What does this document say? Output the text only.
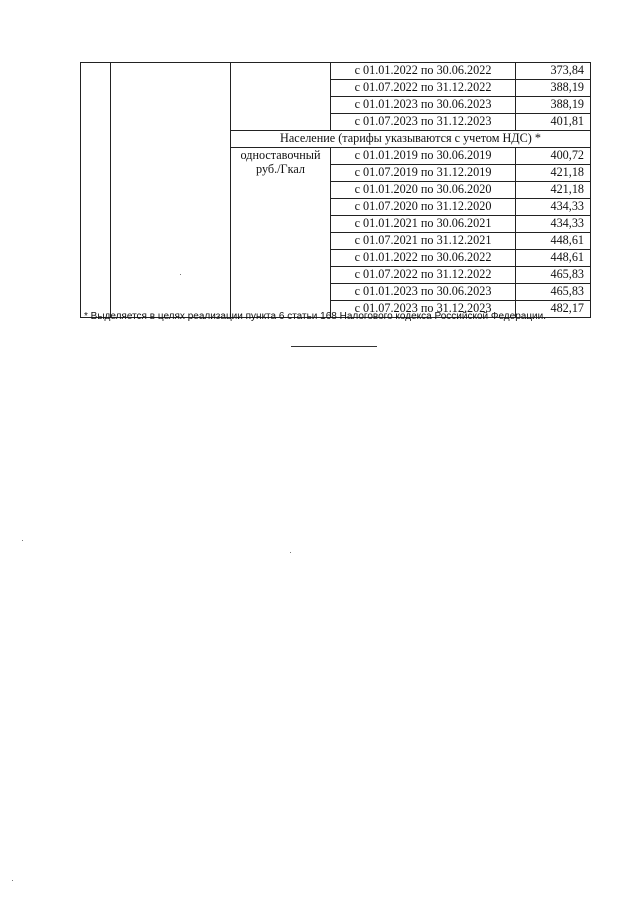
			с 01.01.2022 по 30.06.2022	373,84
			с 01.07.2022 по 31.12.2022	388,19
			с 01.01.2023 по 30.06.2023	388,19
			с 01.07.2023 по 31.12.2023	401,81
		Население (тарифы указываются с учетом НДС) *		
		одноставочный руб./Гкал	с 01.01.2019 по 30.06.2019	400,72
			с 01.07.2019 по 31.12.2019	421,18
			с 01.01.2020 по 30.06.2020	421,18
			с 01.07.2020 по 31.12.2020	434,33
			с 01.01.2021 по 30.06.2021	434,33
			с 01.07.2021 по 31.12.2021	448,61
			с 01.01.2022 по 30.06.2022	448,61
			с 01.07.2022 по 31.12.2022	465,83
			с 01.01.2023 по 30.06.2023	465,83
			с 01.07.2023 по 31.12.2023	482,17
* Выделяется в целях реализации пункта 6 статьи 168 Налогового кодекса Российской Федерации.
